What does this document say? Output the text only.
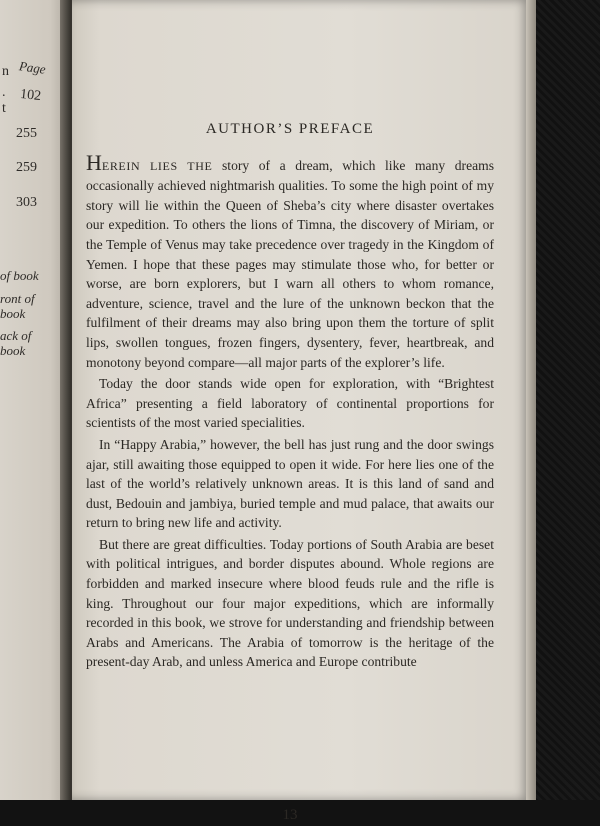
Page
n
. 102
t
255
259
303
of book
ront of
book
ack of
book
AUTHOR’S PREFACE

HEREIN LIES THE story of a dream, which like many dreams occasionally achieved nightmarish qualities. To some the high point of my story will lie within the Queen of Sheba’s city where disaster overtakes our expedition. To others the lions of Timna, the discovery of Miriam, or the Temple of Venus may take precedence over tragedy in the Kingdom of Yemen. I hope that these pages may stimulate those who, for better or worse, are born explorers, but I warn all others to whom romance, adventure, science, travel and the lure of the unknown beckon that the fulfilment of their dreams may also bring upon them the torture of split lips, swollen tongues, frozen fingers, dysentery, fever, heartbreak, and monotony beyond compare—all major parts of the explorer’s life.

Today the door stands wide open for exploration, with “Brightest Africa” presenting a field laboratory of continental proportions for scientists of the most varied specialities.

In “Happy Arabia,” however, the bell has just rung and the door swings ajar, still awaiting those equipped to open it wide. For here lies one of the last of the world’s relatively unknown areas. It is this land of sand and dust, Bedouin and jambiya, buried temple and mud palace, that awaits our return to bring new life and activity.

But there are great difficulties. Today portions of South Arabia are beset with political intrigues, and border disputes abound. Whole regions are forbidden and marked insecure where blood feuds rule and the rifle is king. Throughout our four major expeditions, which are informally recorded in this book, we strove for understanding and friendship between Arabs and Americans. The Arabia of tomorrow is the heritage of the present-day Arab, and unless America and Europe contribute

13
